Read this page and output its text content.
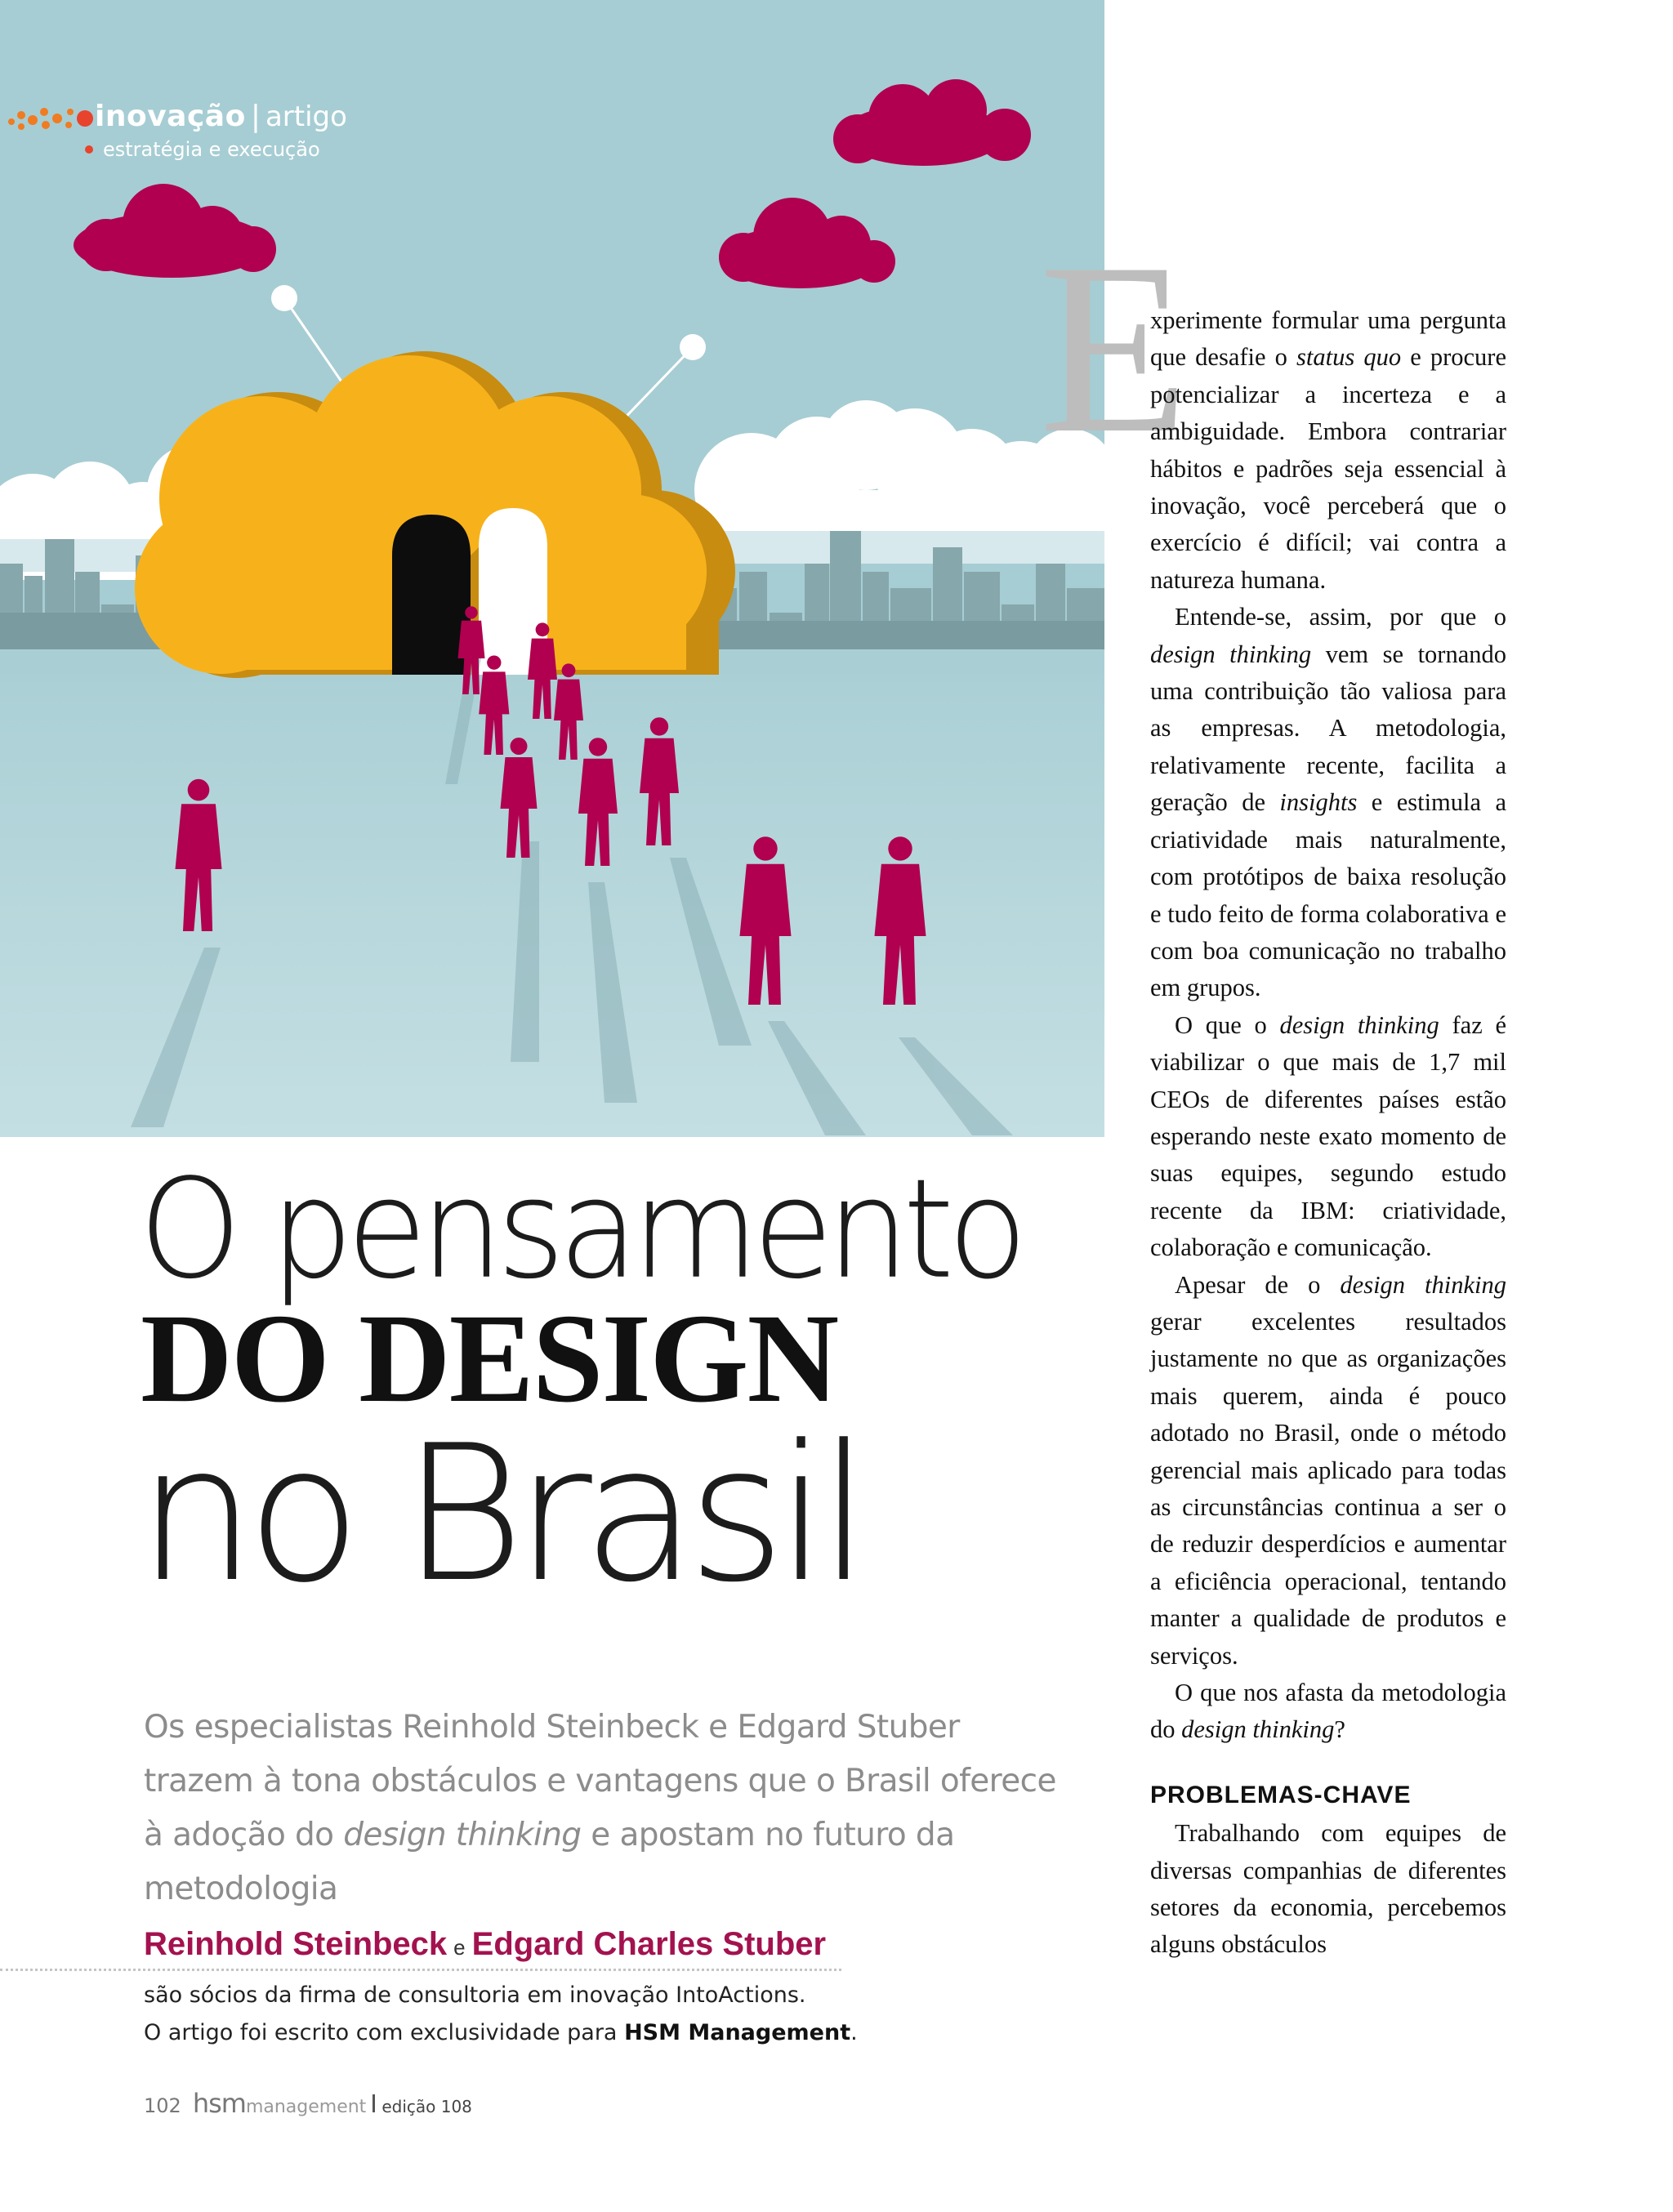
inovação | artigo
estratégia e execução
O pensamento
DO DESIGN
no Brasil
Os especialistas Reinhold Steinbeck e Edgard Stuber trazem à tona obstáculos e vantagens que o Brasil oferece à adoção do design thinking e apostam no futuro da metodologia
Reinhold Steinbeck e Edgard Charles Stuber
são sócios da firma de consultoria em inovação IntoActions.
O artigo foi escrito com exclusividade para HSM Management.
102 hsm management edição 108
E

xperimente formular uma pergunta que desafie o status quo e procure potencializar a incerteza e a ambiguidade. Embora contrariar hábitos e padrões seja essencial à inovação, você perceberá que o exercício é difícil; vai contra a natureza humana.

Entende-se, assim, por que o design thinking vem se tornando uma contribuição tão valiosa para as empresas. A metodologia, relativamente recente, facilita a geração de insights e estimula a criatividade mais naturalmente, com protótipos de baixa resolução e tudo feito de forma colaborativa e com boa comunicação no trabalho em grupos.

O que o design thinking faz é viabilizar o que mais de 1,7 mil CEOs de diferentes países estão esperando neste exato momento de suas equipes, segundo estudo recente da IBM: criatividade, colaboração e comunicação.

Apesar de o design thinking gerar excelentes resultados justamente no que as organizações mais querem, ainda é pouco adotado no Brasil, onde o método gerencial mais aplicado para todas as circunstâncias continua a ser o de reduzir desperdícios e aumentar a eficiência operacional, tentando manter a qualidade de produtos e serviços.

O que nos afasta da metodologia do design thinking?

PROBLEMAS-CHAVE

Trabalhando com equipes de diversas companhias de diferentes setores da economia, percebemos alguns obstáculos
